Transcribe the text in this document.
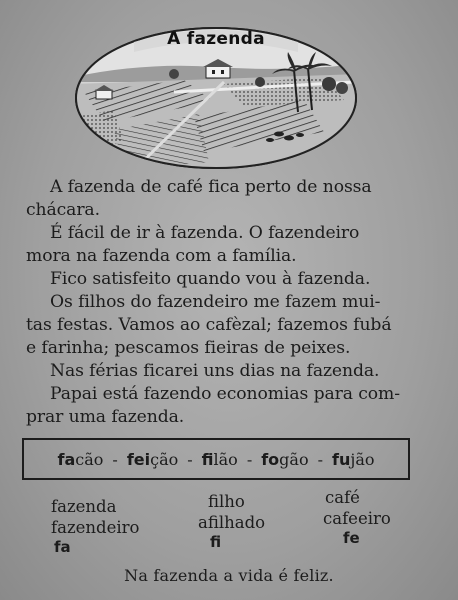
A fazenda
A fazenda de café fica perto de nossa
chácara.
É fácil de ir à fazenda. O fazendeiro
mora na fazenda com a família.
Fico satisfeito quando vou à fazenda.
Os filhos do fazendeiro me fazem mui-
tas festas. Vamos ao cafèzal; fazemos fubá
e farinha; pescamos fieiras de peixes.
Nas férias ficarei uns dias na fazenda.
Papai está fazendo economias para com-
prar uma fazenda.
facão - feição - filão - fogão - fujão
fazenda
fazendeiro
fa
filho
afilhado
fi
café
cafeeiro
fe
Na fazenda a vida é feliz.
